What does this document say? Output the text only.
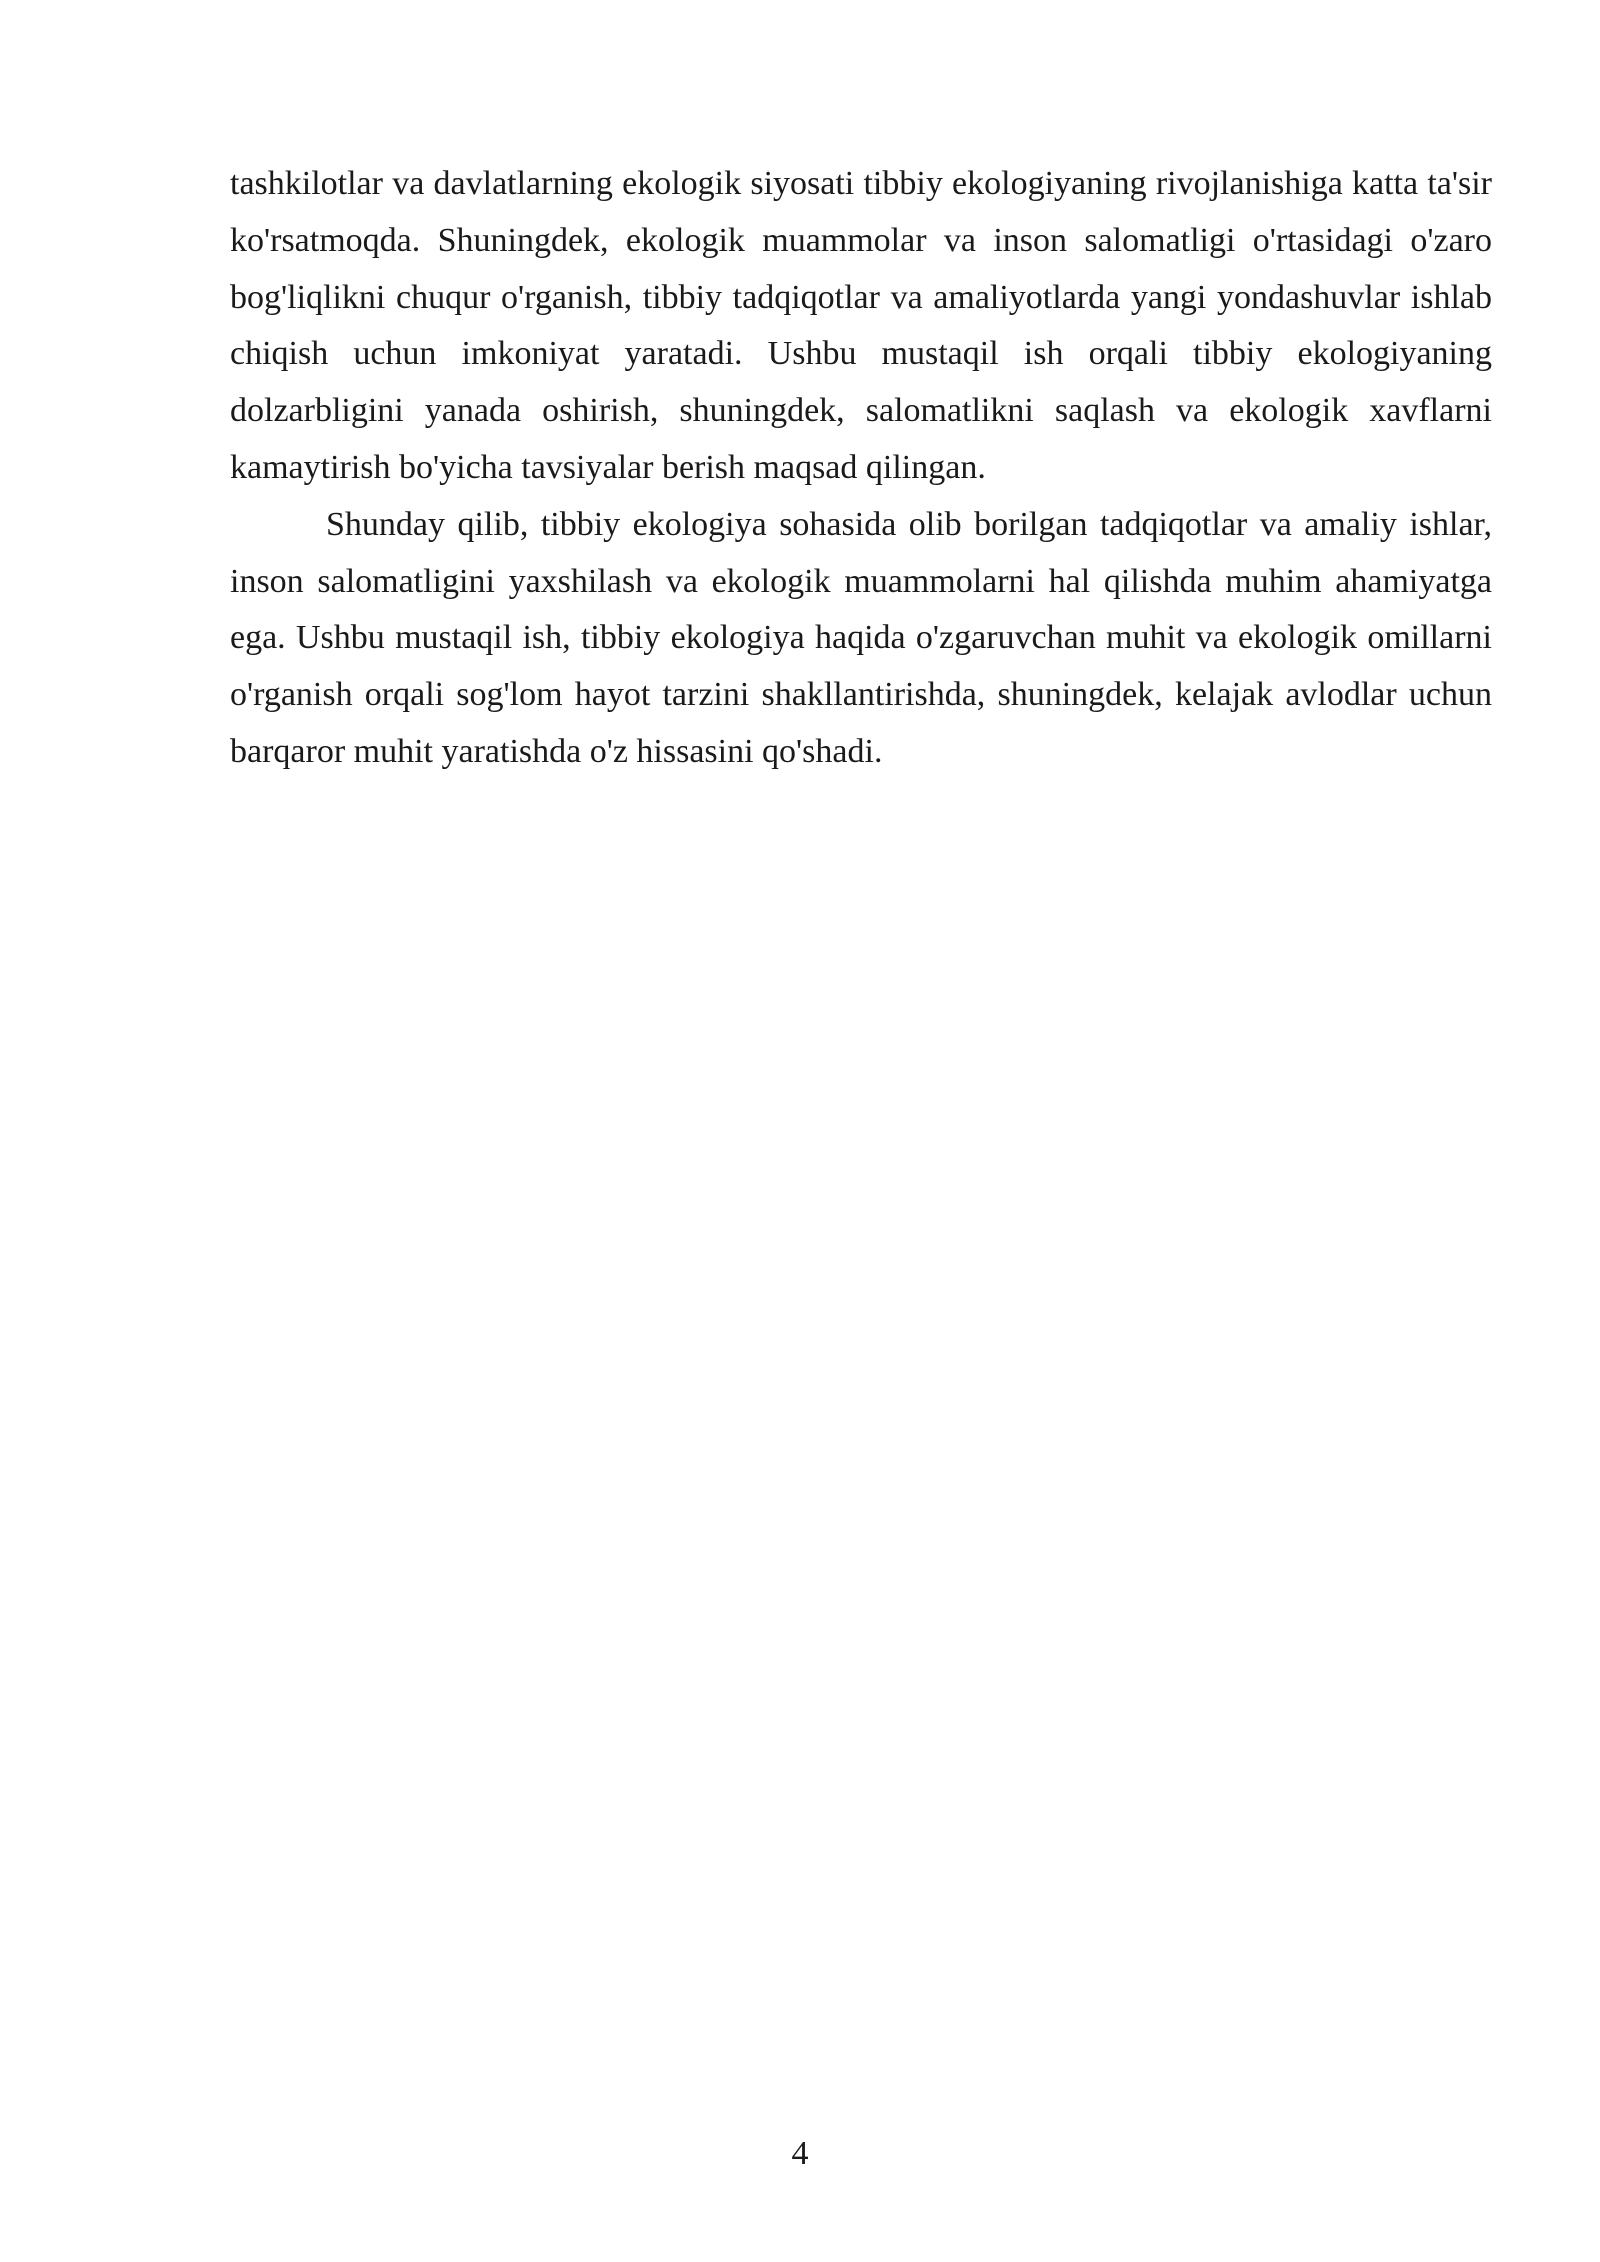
tashkilotlar va davlatlarning ekologik siyosati tibbiy ekologiyaning rivojlanishiga katta ta'sir ko'rsatmoqda. Shuningdek, ekologik muammolar va inson salomatligi o'rtasidagi o'zaro bog'liqlikni chuqur o'rganish, tibbiy tadqiqotlar va amaliyotlarda yangi yondashuvlar ishlab chiqish uchun imkoniyat yaratadi. Ushbu mustaqil ish orqali tibbiy ekologiyaning dolzarbligini yanada oshirish, shuningdek, salomatlikni saqlash va ekologik xavflarni kamaytirish bo'yicha tavsiyalar berish maqsad qilingan.

Shunday qilib, tibbiy ekologiya sohasida olib borilgan tadqiqotlar va amaliy ishlar, inson salomatligini yaxshilash va ekologik muammolarni hal qilishda muhim ahamiyatga ega. Ushbu mustaqil ish, tibbiy ekologiya haqida o'zgaruvchan muhit va ekologik omillarni o'rganish orqali sog'lom hayot tarzini shakllantirishda, shuningdek, kelajak avlodlar uchun barqaror muhit yaratishda o'z hissasini qo'shadi.

4
